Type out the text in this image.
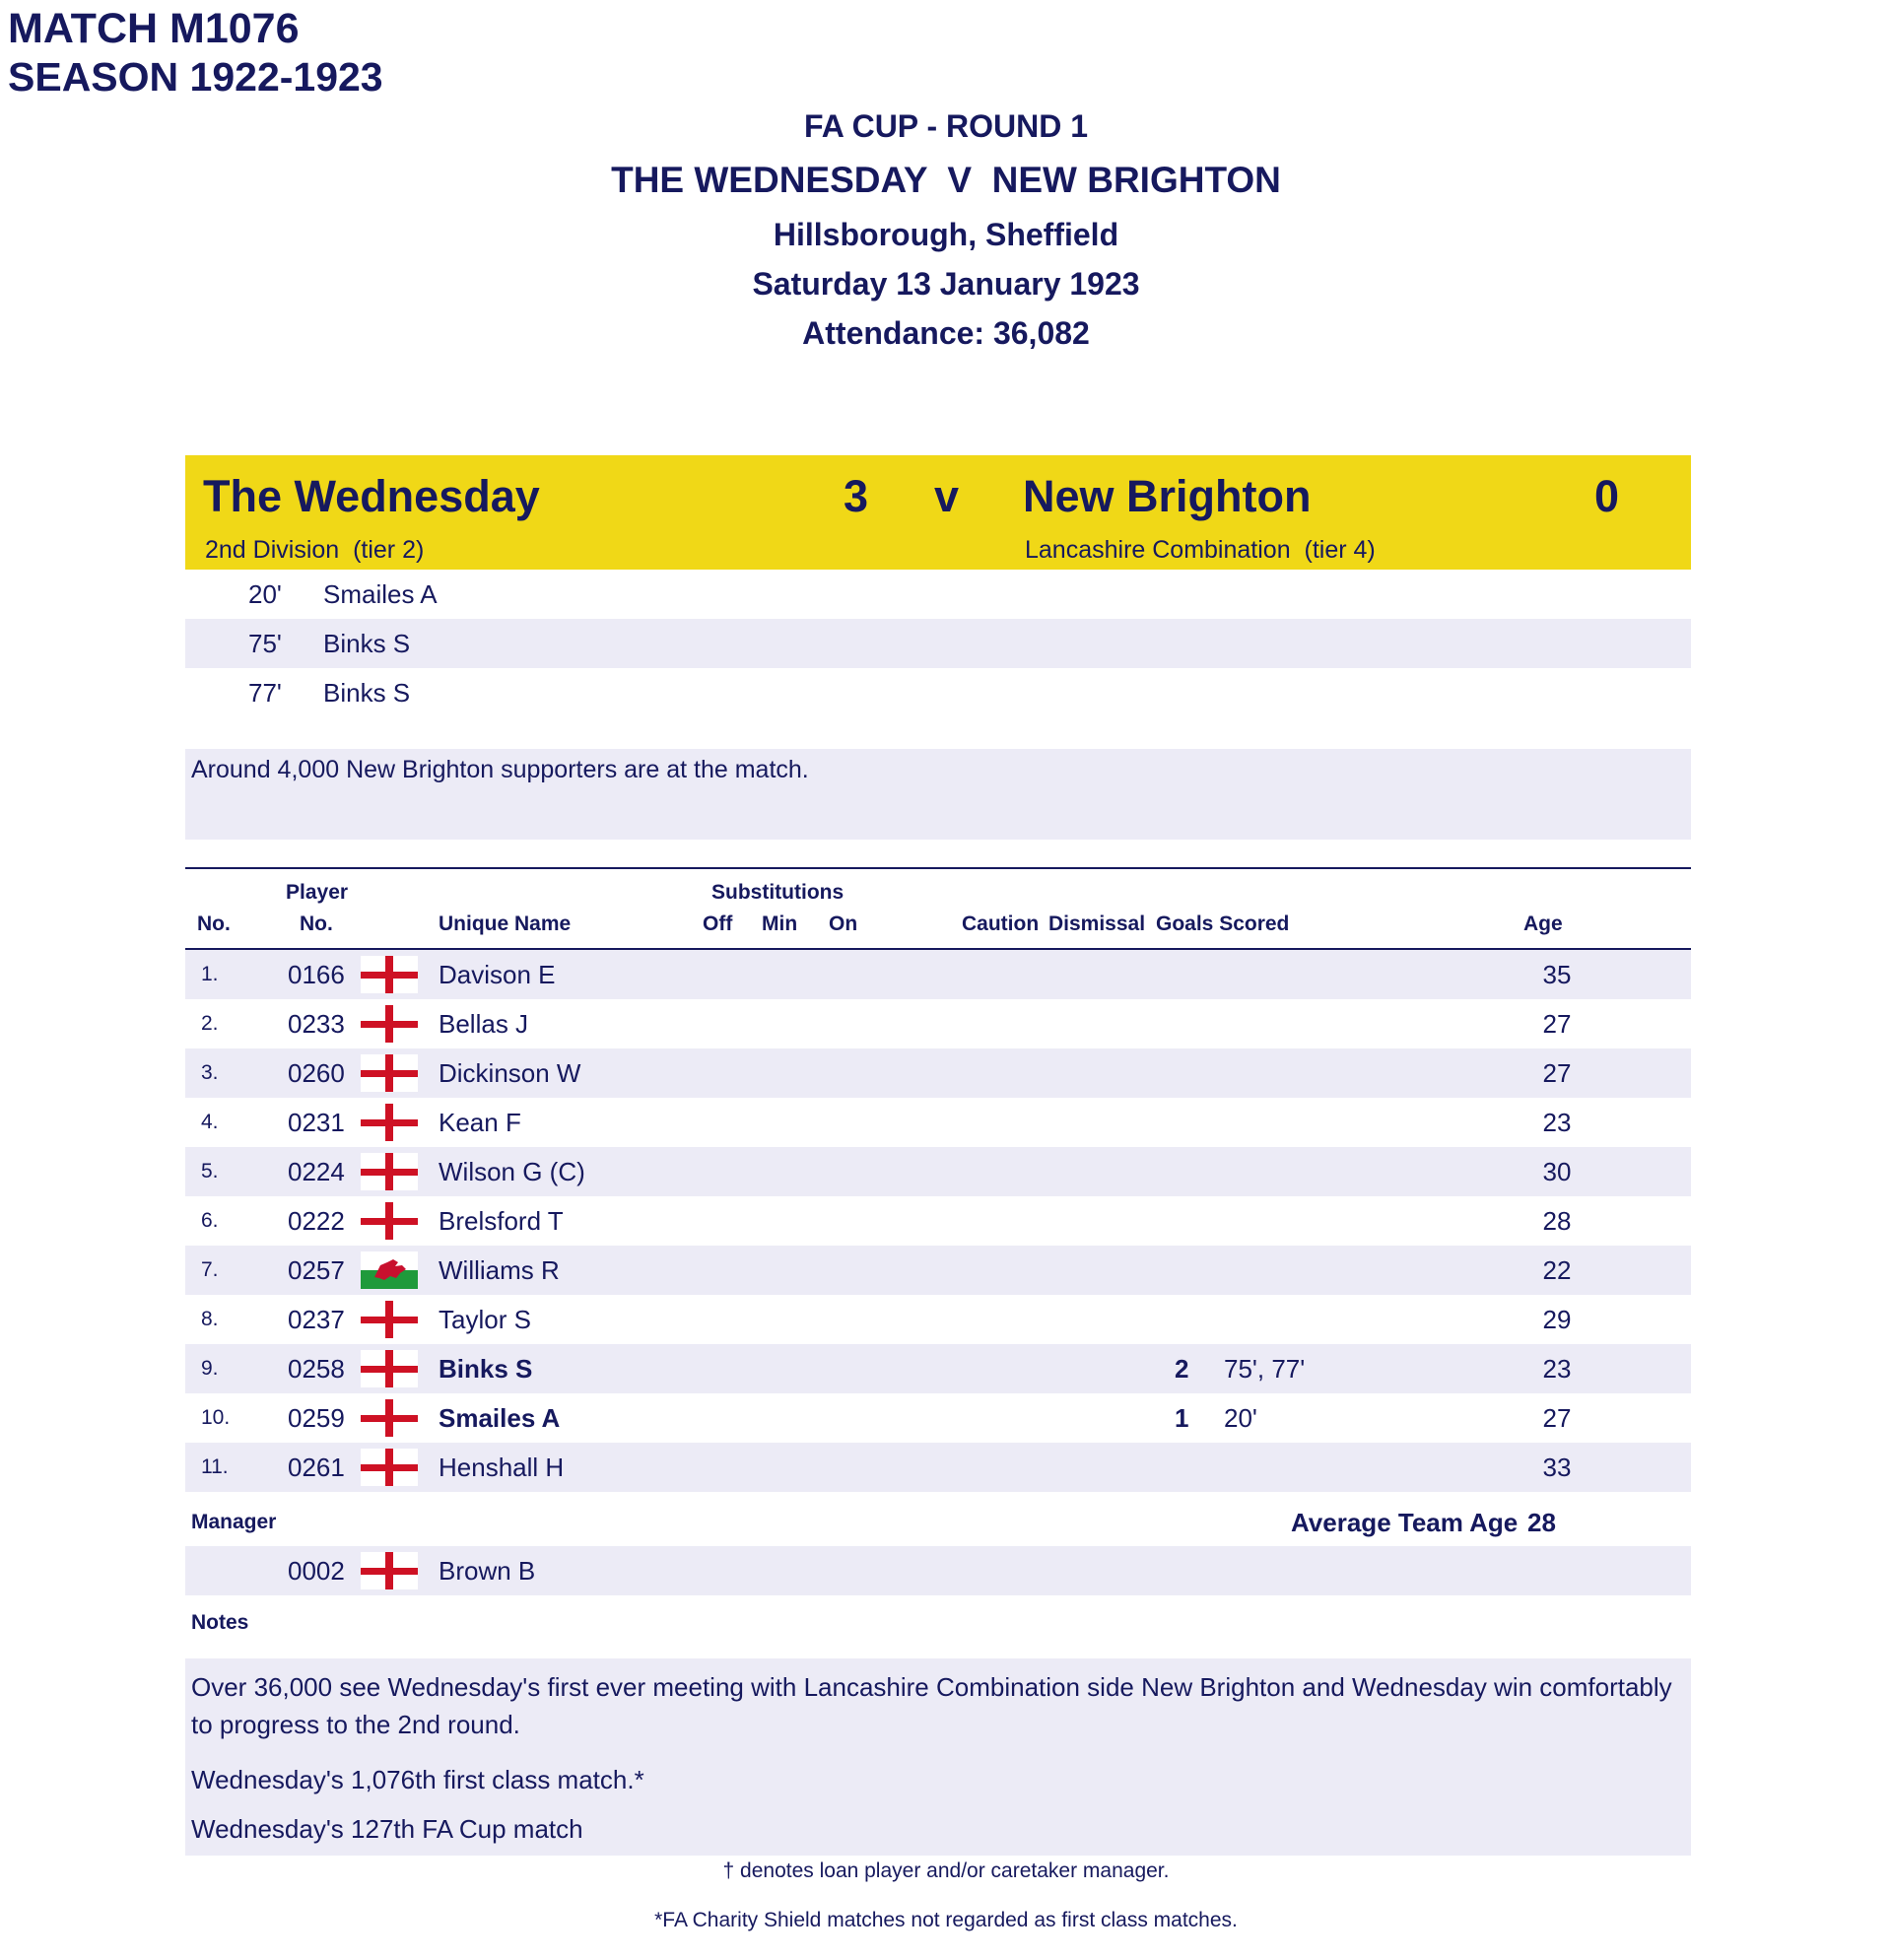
MATCH M1076
SEASON 1922-1923
FA CUP - ROUND 1
THE WEDNESDAY  V  NEW BRIGHTON
Hillsborough, Sheffield
Saturday 13 January 1923
Attendance: 36,082
The Wednesday	3 v New Brighton	0
2nd Division  (tier 2)	Lancashire Combination  (tier 4)
20' Smailes A
75' Binks S
77' Binks S
Around 4,000 New Brighton supporters are at the match.
Player	Substitutions
No.	No.	Unique Name	Off Min On	Caution Dismissal Goals Scored	Age
1.	0166	Davison E	35
2.	0233	Bellas J	27
3.	0260	Dickinson W	27
4.	0231	Kean F	23
5.	0224	Wilson G (C)	30
6.	0222	Brelsford T	28
7.	0257	Williams R	22
8.	0237	Taylor S	29
9.	0258	Binks S	2 75', 77'	23
10.	0259	Smailes A	1 20'	27
11.	0261	Henshall H	33
Manager	Average Team Age 28
0002	Brown B
Notes

Over 36,000 see Wednesday's first ever meeting with Lancashire Combination side New Brighton and Wednesday win comfortably to progress to the 2nd round.

Wednesday's 1,076th first class match.*

Wednesday's 127th FA Cup match

† denotes loan player and/or caretaker manager.
*FA Charity Shield matches not regarded as first class matches.
